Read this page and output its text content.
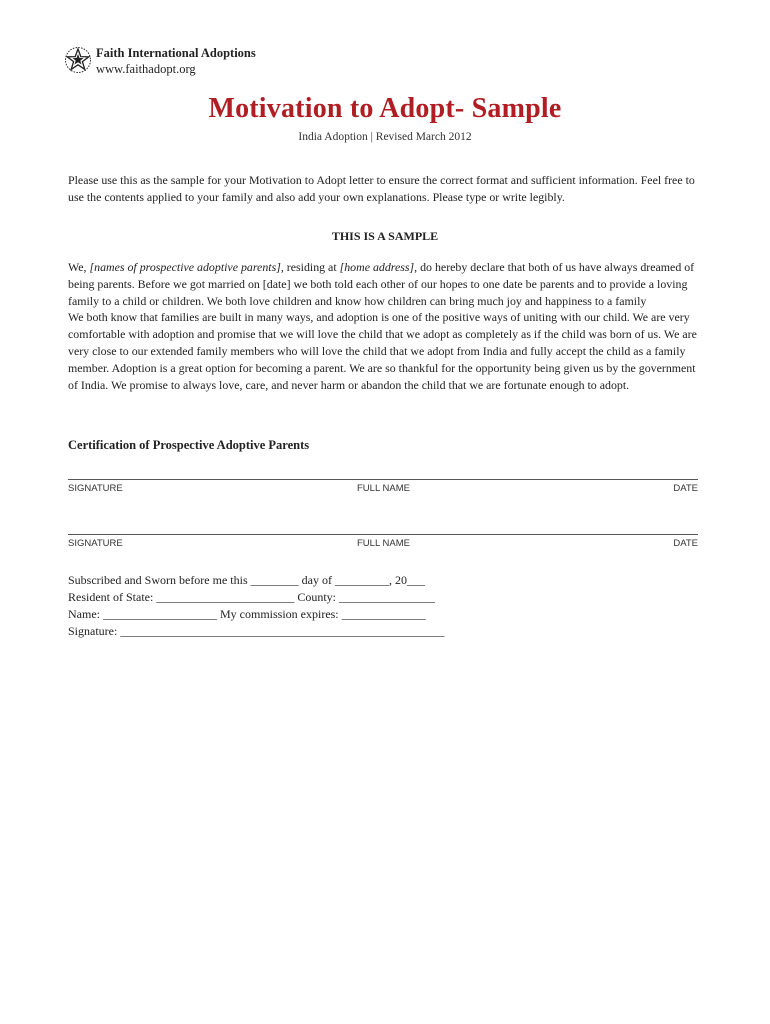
Faith International Adoptions
www.faithadopt.org
Motivation to Adopt- Sample
India Adoption | Revised March 2012
Please use this as the sample for your Motivation to Adopt letter to ensure the correct format and sufficient information. Feel free to use the contents applied to your family and also add your own explanations. Please type or write legibly.
THIS IS A SAMPLE
We, [names of prospective adoptive parents], residing at [home address], do hereby declare that both of us have always dreamed of being parents. Before we got married on [date] we both told each other of our hopes to one date be parents and to provide a loving family to a child or children. We both love children and know how children can bring much joy and happiness to a family
We both know that families are built in many ways, and adoption is one of the positive ways of uniting with our child. We are very comfortable with adoption and promise that we will love the child that we adopt as completely as if the child was born of us. We are very close to our extended family members who will love the child that we adopt from India and fully accept the child as a family member. Adoption is a great option for becoming a parent. We are so thankful for the opportunity being given us by the government of India. We promise to always love, care, and never harm or abandon the child that we are fortunate enough to adopt.
Certification of Prospective Adoptive Parents
SIGNATURE	FULL NAME	DATE
SIGNATURE	FULL NAME	DATE
Subscribed and Sworn before me this ________ day of _________, 20___
Resident of State: _______________________ County: ________________
Name: ___________________ My commission expires: ______________
Signature: ______________________________________________________
